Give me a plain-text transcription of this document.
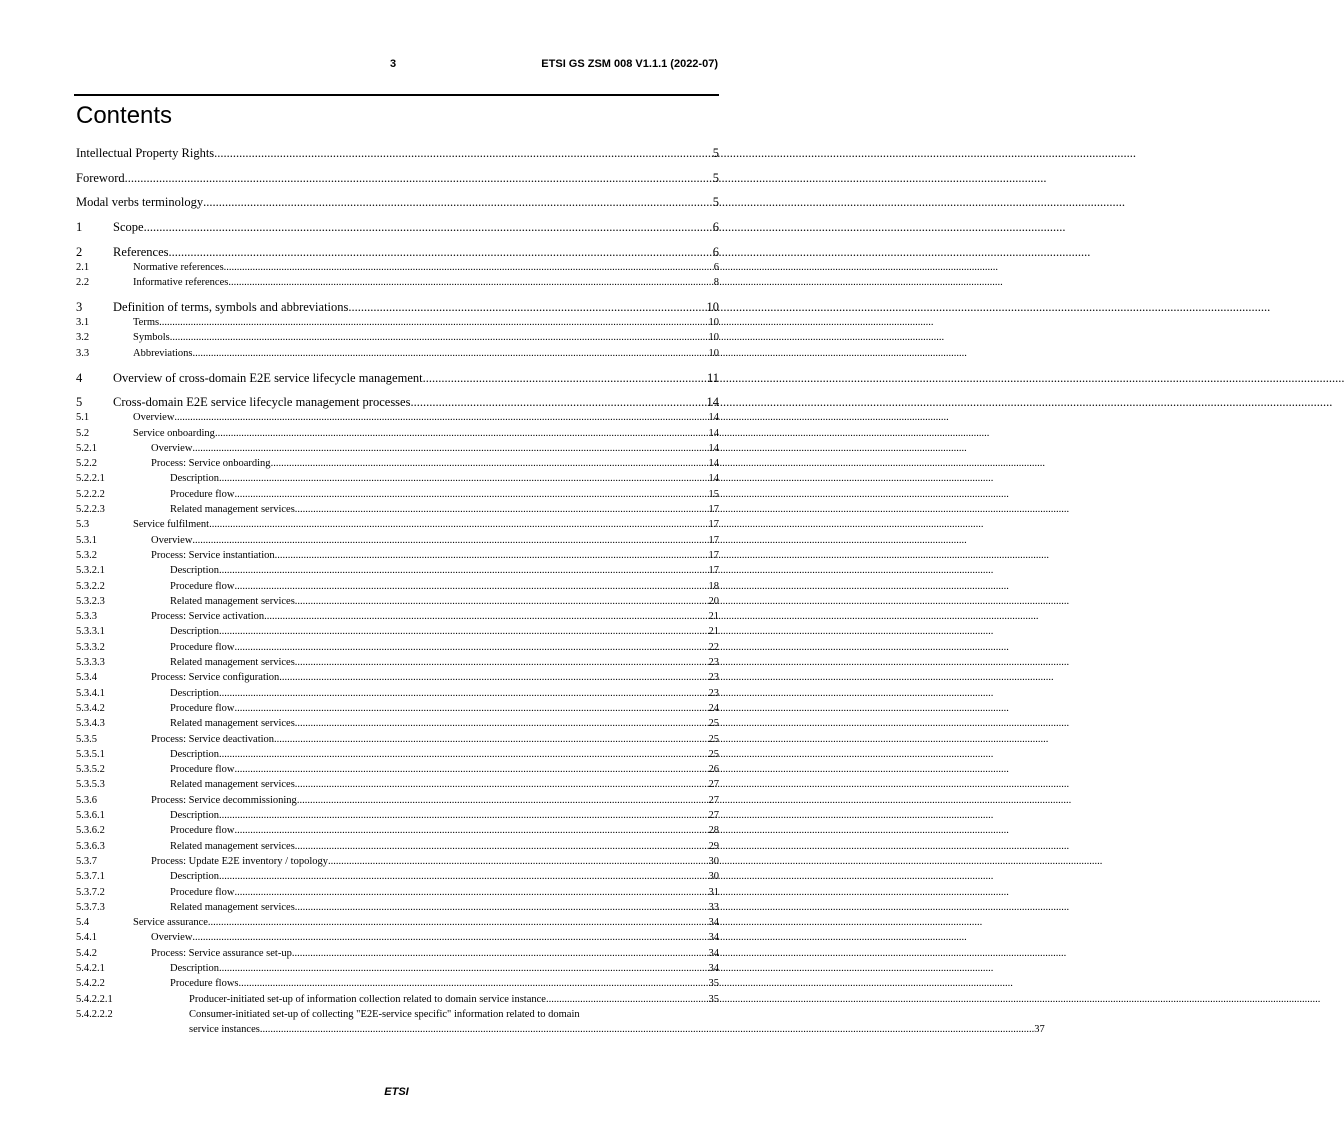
3	ETSI GS ZSM 008 V1.1.1 (2022-07)
Contents
Intellectual Property Rights .....	5
Foreword .....	5
Modal verbs terminology .....	5
1	Scope .....	6
2	References .....	6
2.1	Normative references .....	6
2.2	Informative references .....	8
3	Definition of terms, symbols and abbreviations .....	10
3.1	Terms .....	10
3.2	Symbols .....	10
3.3	Abbreviations .....	10
4	Overview of cross-domain E2E service lifecycle management .....	11
5	Cross-domain E2E service lifecycle management processes .....	14
5.1	Overview .....	14
5.2	Service onboarding .....	14
5.2.1	Overview .....	14
5.2.2	Process: Service onboarding .....	14
5.2.2.1	Description .....	14
5.2.2.2	Procedure flow .....	15
5.2.2.3	Related management services .....	17
5.3	Service fulfilment .....	17
5.3.1	Overview .....	17
5.3.2	Process: Service instantiation .....	17
5.3.2.1	Description .....	17
5.3.2.2	Procedure flow .....	18
5.3.2.3	Related management services .....	20
5.3.3	Process: Service activation .....	21
5.3.3.1	Description .....	21
5.3.3.2	Procedure flow .....	22
5.3.3.3	Related management services .....	23
5.3.4	Process: Service configuration .....	23
5.3.4.1	Description .....	23
5.3.4.2	Procedure flow .....	24
5.3.4.3	Related management services .....	25
5.3.5	Process: Service deactivation .....	25
5.3.5.1	Description .....	25
5.3.5.2	Procedure flow .....	26
5.3.5.3	Related management services .....	27
5.3.6	Process: Service decommissioning .....	27
5.3.6.1	Description .....	27
5.3.6.2	Procedure flow .....	28
5.3.6.3	Related management services .....	29
5.3.7	Process: Update E2E inventory / topology .....	30
5.3.7.1	Description .....	30
5.3.7.2	Procedure flow .....	31
5.3.7.3	Related management services .....	33
5.4	Service assurance .....	34
5.4.1	Overview .....	34
5.4.2	Process: Service assurance set-up .....	34
5.4.2.1	Description .....	34
5.4.2.2	Procedure flows .....	35
5.4.2.2.1	Producer-initiated set-up of information collection related to domain service instance .....	35
5.4.2.2.2	Consumer-initiated set-up of collecting "E2E-service specific" information related to domain
service instances .....	37
ETSI
